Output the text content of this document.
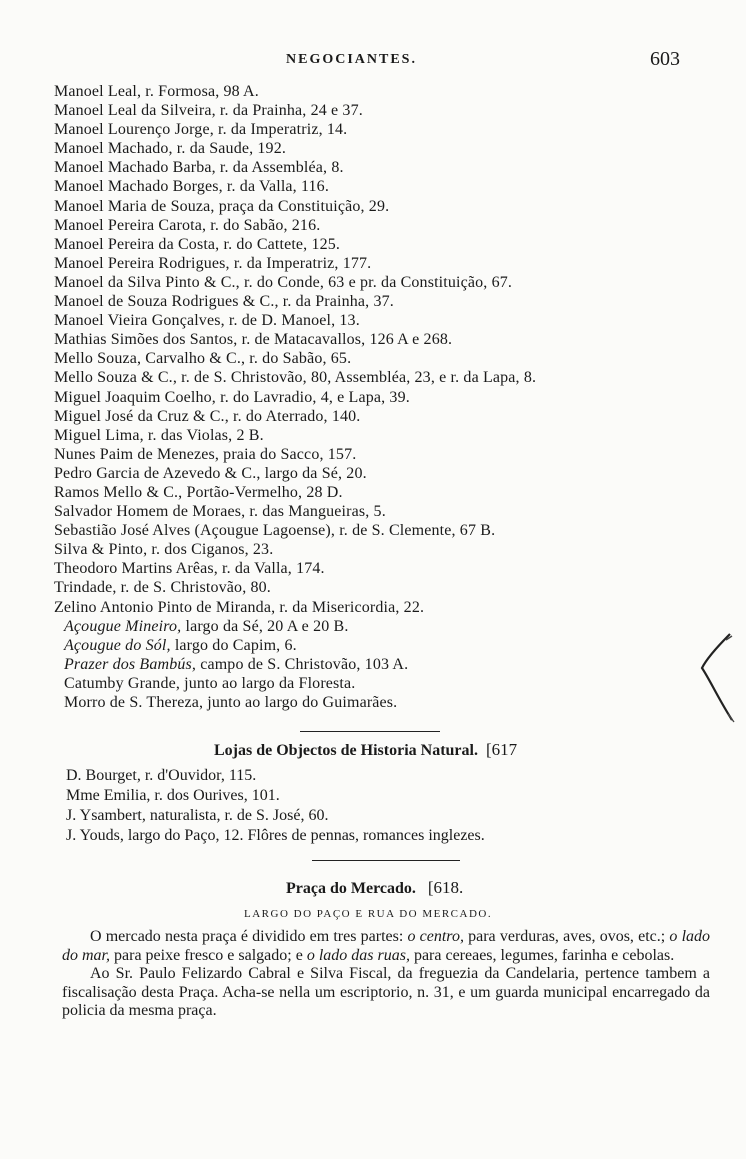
NEGOCIANTES.	603
Manoel Leal, r. Formosa, 98 A.
Manoel Leal da Silveira, r. da Prainha, 24 e 37.
Manoel Lourenço Jorge, r. da Imperatriz, 14.
Manoel Machado, r. da Saude, 192.
Manoel Machado Barba, r. da Assembléa, 8.
Manoel Machado Borges, r. da Valla, 116.
Manoel Maria de Souza, praça da Constituição, 29.
Manoel Pereira Carota, r. do Sabão, 216.
Manoel Pereira da Costa, r. do Cattete, 125.
Manoel Pereira Rodrigues, r. da Imperatriz, 177.
Manoel da Silva Pinto & C., r. do Conde, 63 e pr. da Constituição, 67.
Manoel de Souza Rodrigues & C., r. da Prainha, 37.
Manoel Vieira Gonçalves, r. de D. Manoel, 13.
Mathias Simões dos Santos, r. de Matacavallos, 126 A e 268.
Mello Souza, Carvalho & C., r. do Sabão, 65.
Mello Souza & C., r. de S. Christovão, 80, Assembléa, 23, e r. da Lapa, 8.
Miguel Joaquim Coelho, r. do Lavradio, 4, e Lapa, 39.
Miguel José da Cruz & C., r. do Aterrado, 140.
Miguel Lima, r. das Violas, 2 B.
Nunes Paim de Menezes, praia do Sacco, 157.
Pedro Garcia de Azevedo & C., largo da Sé, 20.
Ramos Mello & C., Portão-Vermelho, 28 D.
Salvador Homem de Moraes, r. das Mangueiras, 5.
Sebastião José Alves (Açougue Lagoense), r. de S. Clemente, 67 B.
Silva & Pinto, r. dos Ciganos, 23.
Theodoro Martins Arêas, r. da Valla, 174.
Trindade, r. de S. Christovão, 80.
Zelino Antonio Pinto de Miranda, r. da Misericordia, 22.
Açougue Mineiro, largo da Sé, 20 A e 20 B.
Açougue do Sól, largo do Capim, 6.
Prazer dos Bambús, campo de S. Christovão, 103 A.
Catumby Grande, junto ao largo da Floresta.
Morro de S. Thereza, junto ao largo do Guimarães.
Lojas de Objectos de Historia Natural. [617
D. Bourget, r. d'Ouvidor, 115.
Mme Emilia, r. dos Ourives, 101.
J. Ysambert, naturalista, r. de S. José, 60.
J. Youds, largo do Paço, 12. Flôres de pennas, romances inglezes.
Praça do Mercado. [618.
LARGO DO PAÇO E RUA DO MERCADO.

O mercado nesta praça é dividido em tres partes: o centro, para verduras, aves, ovos, etc.; o lado do mar, para peixe fresco e salgado; e o lado das ruas, para cereaes, legumes, farinha e cebolas.

Ao Sr. Paulo Felizardo Cabral e Silva Fiscal, da freguezia da Candelaria, pertence tambem a fiscalisação desta Praça. Acha-se nella um escriptorio, n. 31, e um guarda municipal encarregado da policia da mesma praça.
